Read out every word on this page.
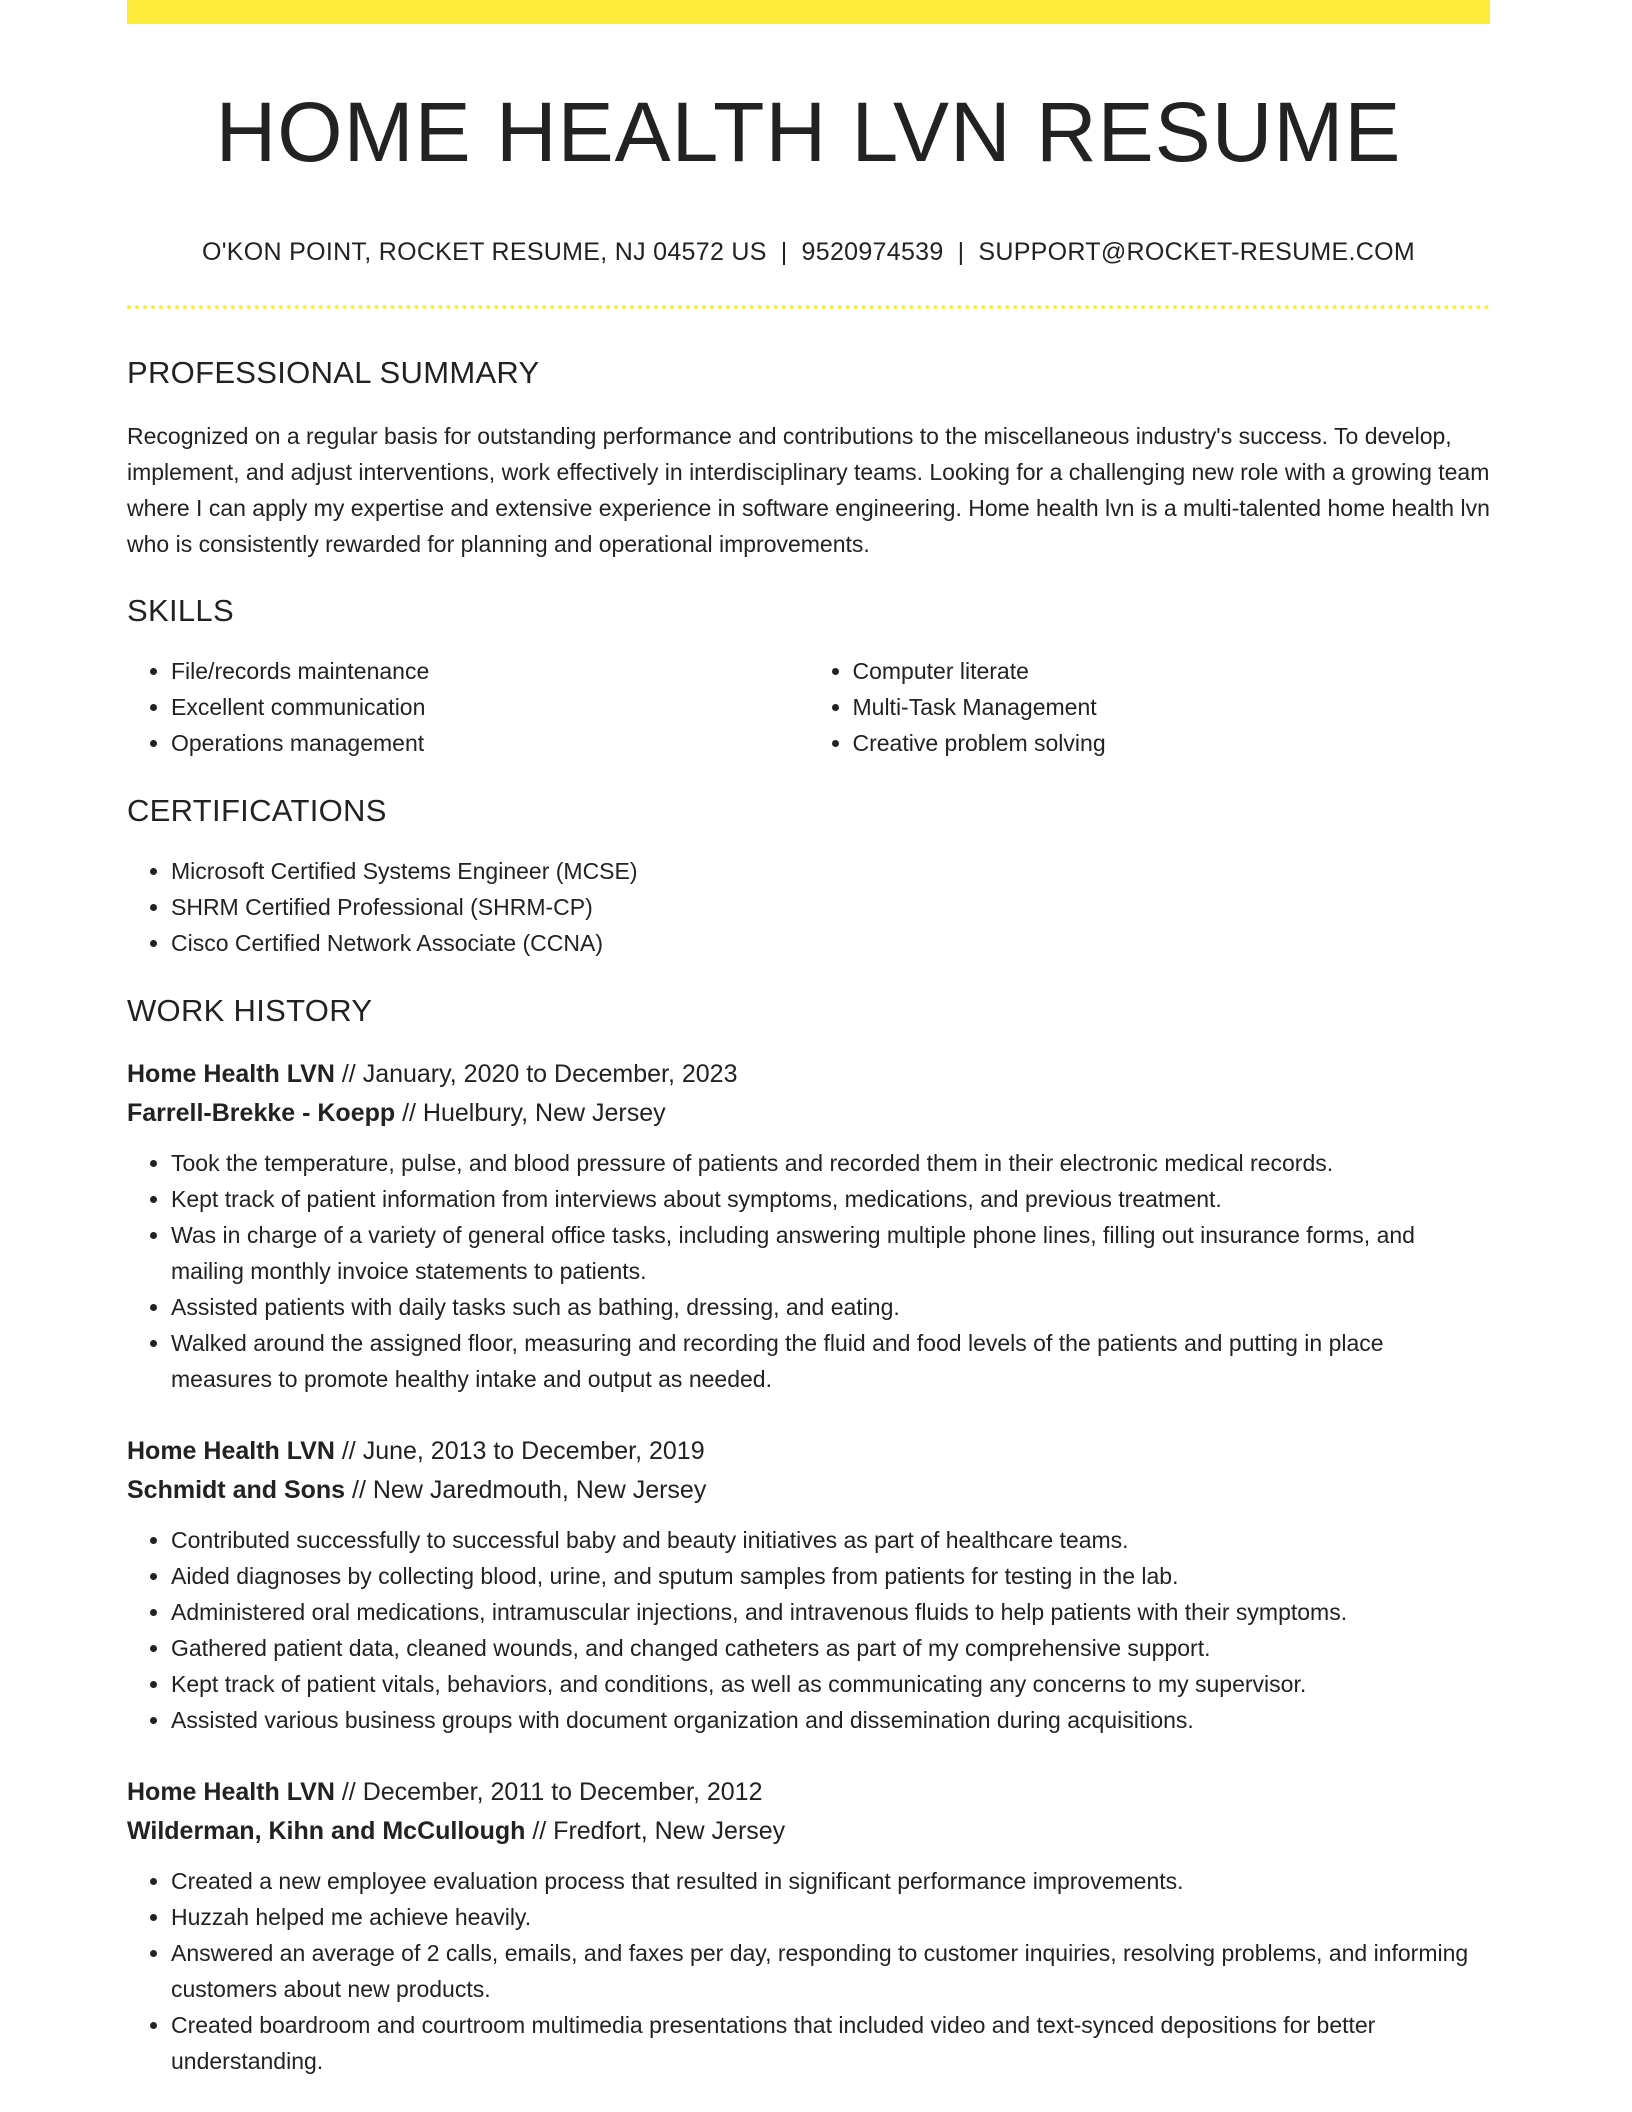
HOME HEALTH LVN RESUME
O'KON POINT, ROCKET RESUME, NJ 04572 US | 9520974539 | SUPPORT@ROCKET-RESUME.COM
PROFESSIONAL SUMMARY

Recognized on a regular basis for outstanding performance and contributions to the miscellaneous industry's success. To develop, implement, and adjust interventions, work effectively in interdisciplinary teams. Looking for a challenging new role with a growing team where I can apply my expertise and extensive experience in software engineering. Home health lvn is a multi-talented home health lvn who is consistently rewarded for planning and operational improvements.

SKILLS
• File/records maintenance
• Excellent communication
• Operations management
• Computer literate
• Multi-Task Management
• Creative problem solving
CERTIFICATIONS
• Microsoft Certified Systems Engineer (MCSE)
• SHRM Certified Professional (SHRM-CP)
• Cisco Certified Network Associate (CCNA)
WORK HISTORY
Home Health LVN // January, 2020 to December, 2023
Farrell-Brekke - Koepp // Huelbury, New Jersey
• Took the temperature, pulse, and blood pressure of patients and recorded them in their electronic medical records.
• Kept track of patient information from interviews about symptoms, medications, and previous treatment.
• Was in charge of a variety of general office tasks, including answering multiple phone lines, filling out insurance forms, and mailing monthly invoice statements to patients.
• Assisted patients with daily tasks such as bathing, dressing, and eating.
• Walked around the assigned floor, measuring and recording the fluid and food levels of the patients and putting in place measures to promote healthy intake and output as needed.
Home Health LVN // June, 2013 to December, 2019
Schmidt and Sons // New Jaredmouth, New Jersey
• Contributed successfully to successful baby and beauty initiatives as part of healthcare teams.
• Aided diagnoses by collecting blood, urine, and sputum samples from patients for testing in the lab.
• Administered oral medications, intramuscular injections, and intravenous fluids to help patients with their symptoms.
• Gathered patient data, cleaned wounds, and changed catheters as part of my comprehensive support.
• Kept track of patient vitals, behaviors, and conditions, as well as communicating any concerns to my supervisor.
• Assisted various business groups with document organization and dissemination during acquisitions.
Home Health LVN // December, 2011 to December, 2012
Wilderman, Kihn and McCullough // Fredfort, New Jersey
• Created a new employee evaluation process that resulted in significant performance improvements.
• Huzzah helped me achieve heavily.
• Answered an average of 2 calls, emails, and faxes per day, responding to customer inquiries, resolving problems, and informing customers about new products.
• Created boardroom and courtroom multimedia presentations that included video and text-synced depositions for better understanding.
